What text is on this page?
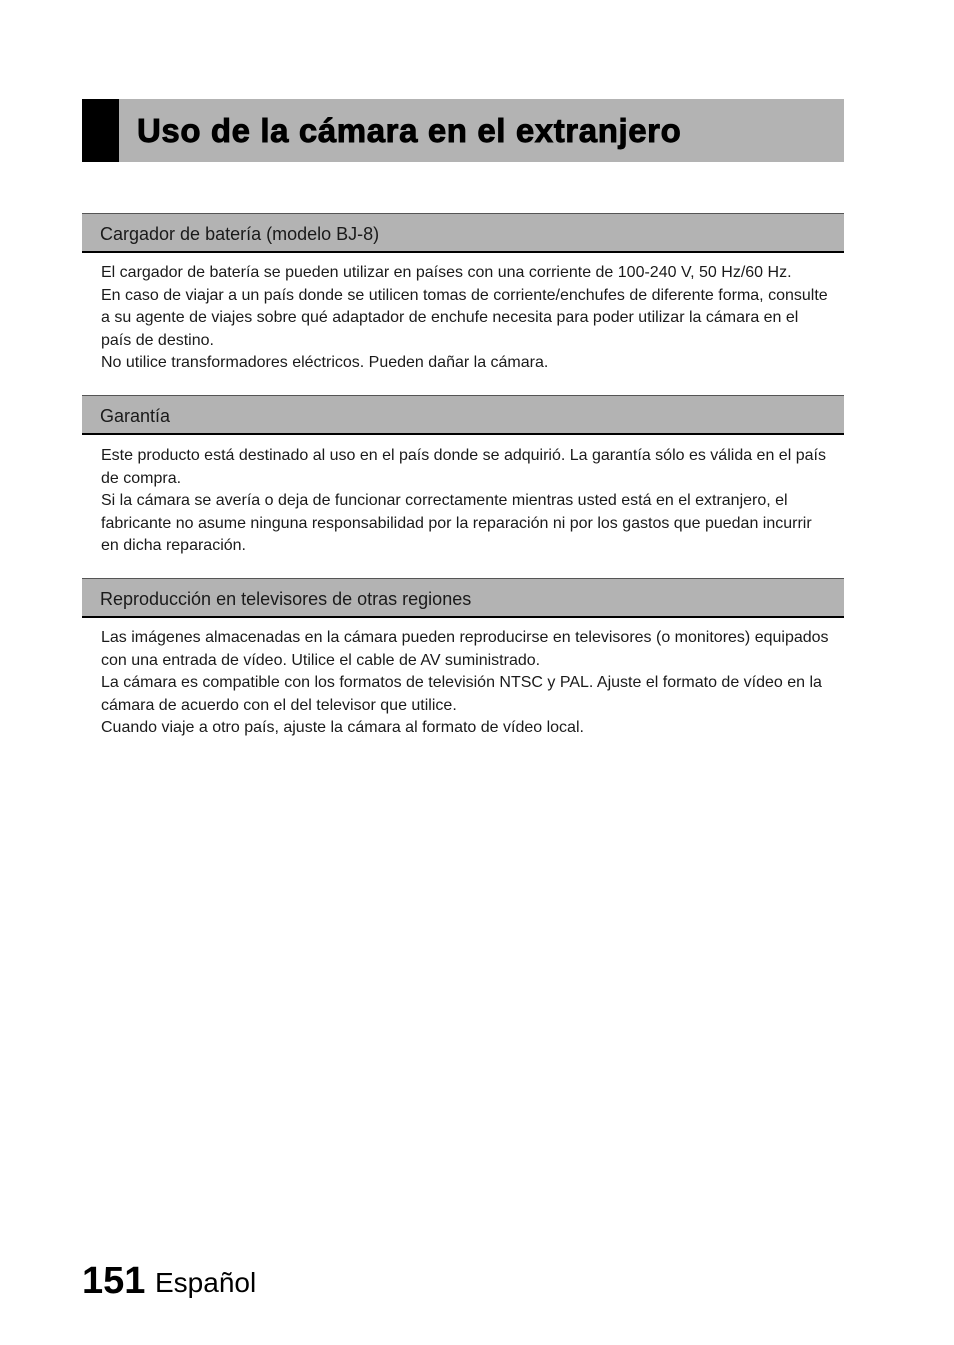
Uso de la cámara en el extranjero
Cargador de batería (modelo BJ-8)

El cargador de batería se pueden utilizar en países con una corriente de 100-240 V, 50 Hz/60 Hz.

En caso de viajar a un país donde se utilicen tomas de corriente/enchufes de diferente forma, consulte a su agente de viajes sobre qué adaptador de enchufe necesita para poder utilizar la cámara en el país de destino.

No utilice transformadores eléctricos. Pueden dañar la cámara.

Garantía

Este producto está destinado al uso en el país donde se adquirió. La garantía sólo es válida en el país de compra.

Si la cámara se avería o deja de funcionar correctamente mientras usted está en el extranjero, el fabricante no asume ninguna responsabilidad por la reparación ni por los gastos que puedan incurrir en dicha reparación.

Reproducción en televisores de otras regiones

Las imágenes almacenadas en la cámara pueden reproducirse en televisores (o monitores) equipados con una entrada de vídeo. Utilice el cable de AV suministrado.

La cámara es compatible con los formatos de televisión NTSC y PAL. Ajuste el formato de vídeo en la cámara de acuerdo con el del televisor que utilice.

Cuando viaje a otro país, ajuste la cámara al formato de vídeo local.

151 Español
